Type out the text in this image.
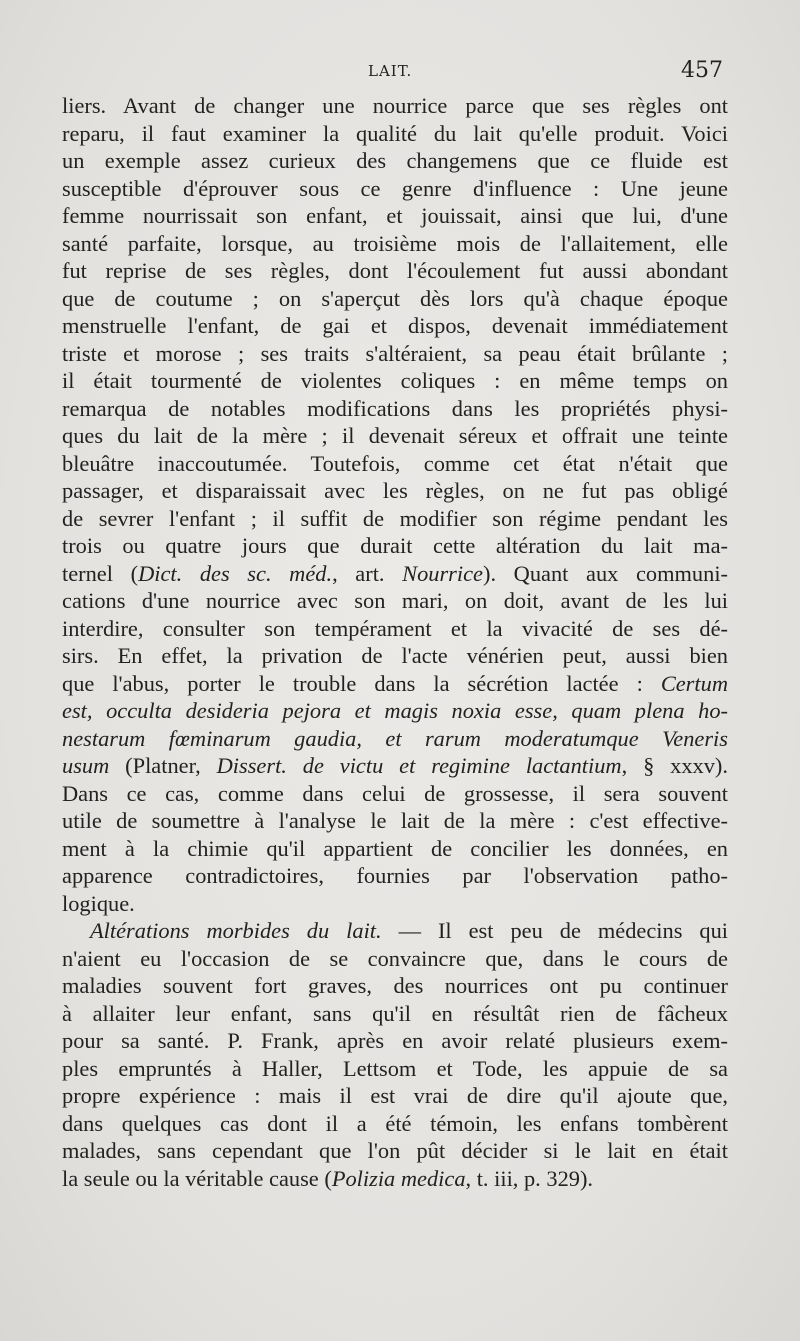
LAIT.	457
liers. Avant de changer une nourrice parce que ses règles ont
reparu, il faut examiner la qualité du lait qu'elle produit. Voici
un exemple assez curieux des changemens que ce fluide est
susceptible d'éprouver sous ce genre d'influence : Une jeune
femme nourrissait son enfant, et jouissait, ainsi que lui, d'une
santé parfaite, lorsque, au troisième mois de l'allaitement, elle
fut reprise de ses règles, dont l'écoulement fut aussi abondant
que de coutume ; on s'aperçut dès lors qu'à chaque époque
menstruelle l'enfant, de gai et dispos, devenait immédiatement
triste et morose ; ses traits s'altéraient, sa peau était brûlante ;
il était tourmenté de violentes coliques : en même temps on
remarqua de notables modifications dans les propriétés physi-
ques du lait de la mère ; il devenait séreux et offrait une teinte
bleuâtre inaccoutumée. Toutefois, comme cet état n'était que
passager, et disparaissait avec les règles, on ne fut pas obligé
de sevrer l'enfant ; il suffit de modifier son régime pendant les
trois ou quatre jours que durait cette altération du lait ma-
ternel (Dict. des sc. méd., art. Nourrice). Quant aux communi-
cations d'une nourrice avec son mari, on doit, avant de les lui
interdire, consulter son tempérament et la vivacité de ses dé-
sirs. En effet, la privation de l'acte vénérien peut, aussi bien
que l'abus, porter le trouble dans la sécrétion lactée : Certum
est, occulta desideria pejora et magis noxia esse, quam plena ho-
nestarum fœminarum gaudia, et rarum moderatumque Veneris
usum (Platner, Dissert. de victu et regimine lactantium, § xxxv).
Dans ce cas, comme dans celui de grossesse, il sera souvent
utile de soumettre à l'analyse le lait de la mère : c'est effective-
ment à la chimie qu'il appartient de concilier les données, en
apparence contradictoires, fournies par l'observation patho-
logique.
Altérations morbides du lait. — Il est peu de médecins qui
n'aient eu l'occasion de se convaincre que, dans le cours de
maladies souvent fort graves, des nourrices ont pu continuer
à allaiter leur enfant, sans qu'il en résultât rien de fâcheux
pour sa santé. P. Frank, après en avoir relaté plusieurs exem-
ples empruntés à Haller, Lettsom et Tode, les appuie de sa
propre expérience : mais il est vrai de dire qu'il ajoute que,
dans quelques cas dont il a été témoin, les enfans tombèrent
malades, sans cependant que l'on pût décider si le lait en était
la seule ou la véritable cause (Polizia medica, t. iii, p. 329).
